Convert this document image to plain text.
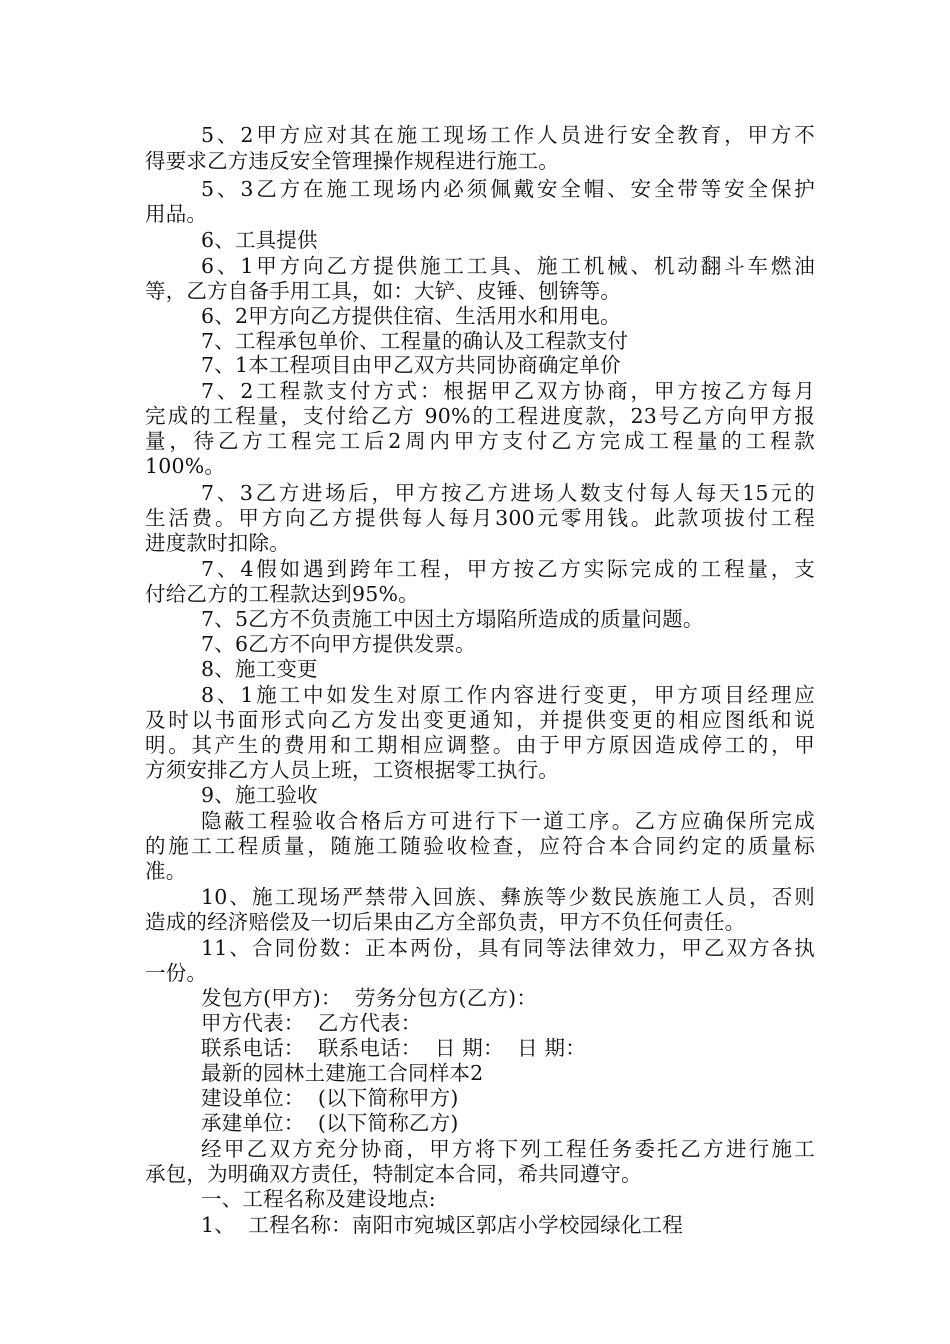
5、2甲方应对其在施工现场工作人员进行安全教育，甲方不
得要求乙方违反安全管理操作规程进行施工。
5、3乙方在施工现场内必须佩戴安全帽、安全带等安全保护
用品。
6、工具提供
6、1甲方向乙方提供施工工具、施工机械、机动翻斗车燃油
等，乙方自备手用工具，如：大铲、皮锤、刨锛等。
6、2甲方向乙方提供住宿、生活用水和用电。
7、工程承包单价、工程量的确认及工程款支付
7、1本工程项目由甲乙双方共同协商确定单价
7、2工程款支付方式：根据甲乙双方协商，甲方按乙方每月
完成的工程量，支付给乙方 90%的工程进度款，23号乙方向甲方报
量，待乙方工程完工后2周内甲方支付乙方完成工程量的工程款
100%。
7、3乙方进场后，甲方按乙方进场人数支付每人每天15元的
生活费。甲方向乙方提供每人每月300元零用钱。此款项拔付工程
进度款时扣除。
7、4假如遇到跨年工程，甲方按乙方实际完成的工程量，支
付给乙方的工程款达到95%。
7、5乙方不负责施工中因土方塌陷所造成的质量问题。
7、6乙方不向甲方提供发票。
8、施工变更
8、1施工中如发生对原工作内容进行变更，甲方项目经理应
及时以书面形式向乙方发出变更通知，并提供变更的相应图纸和说
明。其产生的费用和工期相应调整。由于甲方原因造成停工的，甲
方须安排乙方人员上班，工资根据零工执行。
9、施工验收
隐蔽工程验收合格后方可进行下一道工序。乙方应确保所完成
的施工工程质量，随施工随验收检查，应符合本合同约定的质量标
准。
10、施工现场严禁带入回族、彝族等少数民族施工人员，否则
造成的经济赔偿及一切后果由乙方全部负责，甲方不负任何责任。
11、合同份数：正本两份，具有同等法律效力，甲乙双方各执
一份。
发包方(甲方)：  劳务分包方(乙方)：
甲方代表：  乙方代表：
联系电话：  联系电话：  日 期：  日 期：
最新的园林土建施工合同样本2
建设单位：  (以下简称甲方)
承建单位：  (以下简称乙方)
经甲乙双方充分协商，甲方将下列工程任务委托乙方进行施工
承包，为明确双方责任，特制定本合同，希共同遵守。
一、工程名称及建设地点:
1、  工程名称：南阳市宛城区郭店小学校园绿化工程
